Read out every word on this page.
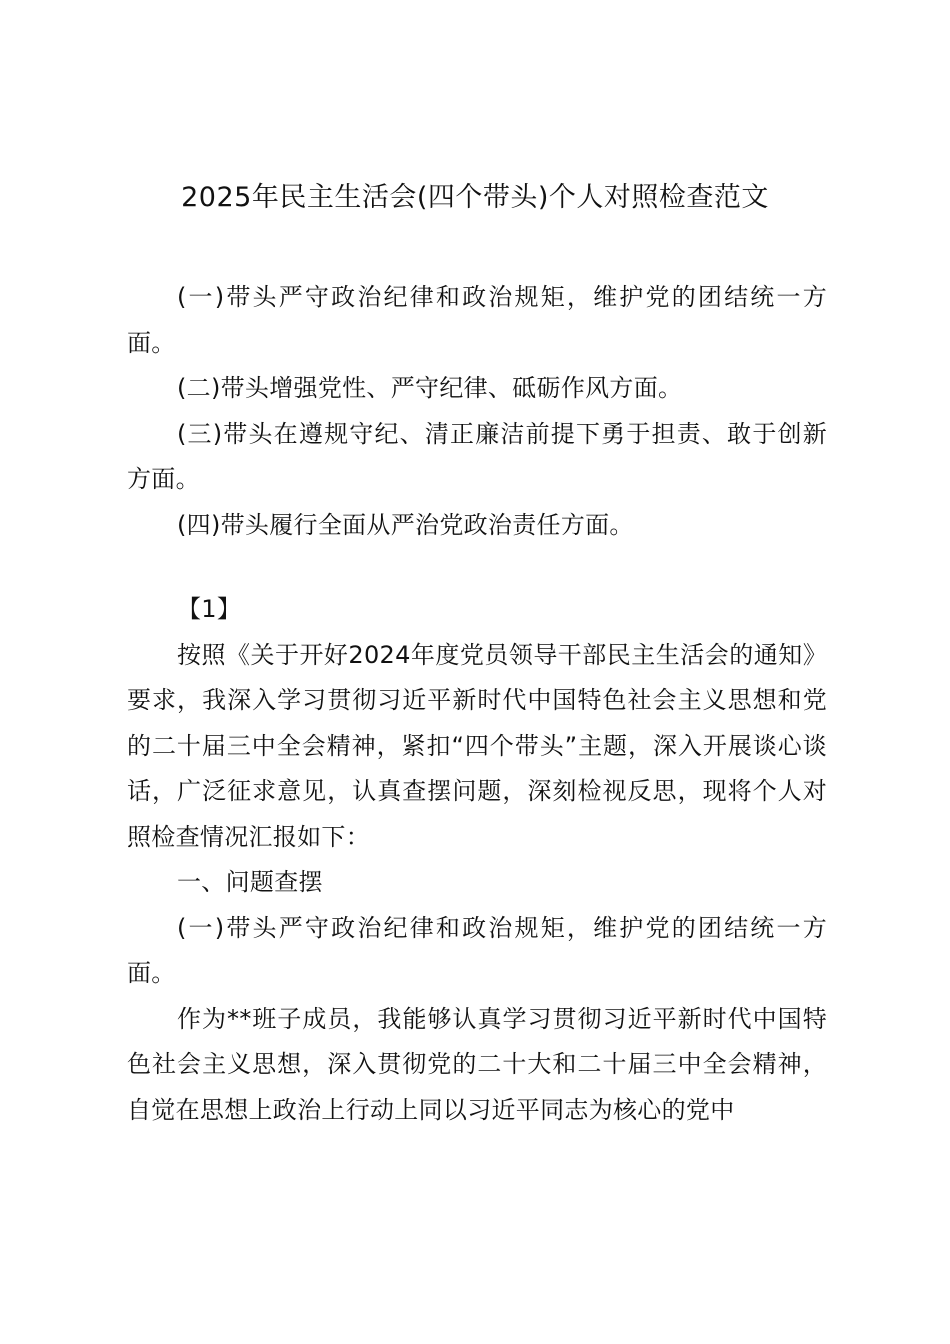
2025年民主生活会(四个带头)个人对照检查范文

(一)带头严守政治纪律和政治规矩，维护党的团结统一方面。

(二)带头增强党性、严守纪律、砥砺作风方面。

(三)带头在遵规守纪、清正廉洁前提下勇于担责、敢于创新方面。

(四)带头履行全面从严治党政治责任方面。

【1】

按照《关于开好2024年度党员领导干部民主生活会的通知》要求，我深入学习贯彻习近平新时代中国特色社会主义思想和党的二十届三中全会精神，紧扣“四个带头”主题，深入开展谈心谈话，广泛征求意见，认真查摆问题，深刻检视反思，现将个人对照检查情况汇报如下：

一、问题查摆

(一)带头严守政治纪律和政治规矩，维护党的团结统一方面。

作为**班子成员，我能够认真学习贯彻习近平新时代中国特色社会主义思想，深入贯彻党的二十大和二十届三中全会精神，自觉在思想上政治上行动上同以习近平同志为核心的党中
